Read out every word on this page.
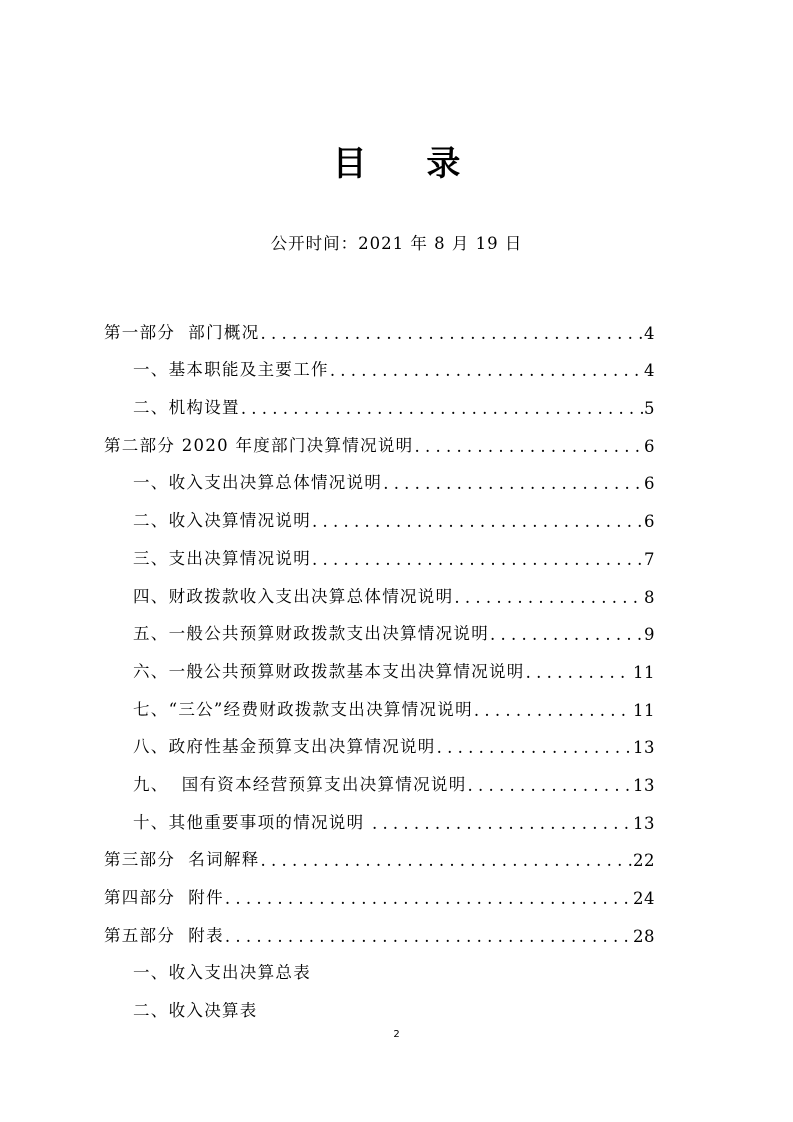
目 录
公开时间：2021 年 8 月 19 日
第一部分  部门概况 . . .	4
一、基本职能及主要工作 . . .	4
二、机构设置 . . .	5
第二部分 2020 年度部门决算情况说明 . . .	6
一、收入支出决算总体情况说明 . . .	6
二、收入决算情况说明 . . .	6
三、支出决算情况说明 . . .	7
四、财政拨款收入支出决算总体情况说明 . . .	8
五、一般公共预算财政拨款支出决算情况说明 . . .	9
六、一般公共预算财政拨款基本支出决算情况说明 . . .	11
七、“三公”经费财政拨款支出决算情况说明 . . .	11
八、政府性基金预算支出决算情况说明 . . .	13
九、  国有资本经营预算支出决算情况说明 . . .	13
十、其他重要事项的情况说明 . . .	13
第三部分  名词解释 . . .	22
第四部分  附件 . . .	24
第五部分  附表 . . .	28
一、收入支出决算总表
二、收入决算表
2
